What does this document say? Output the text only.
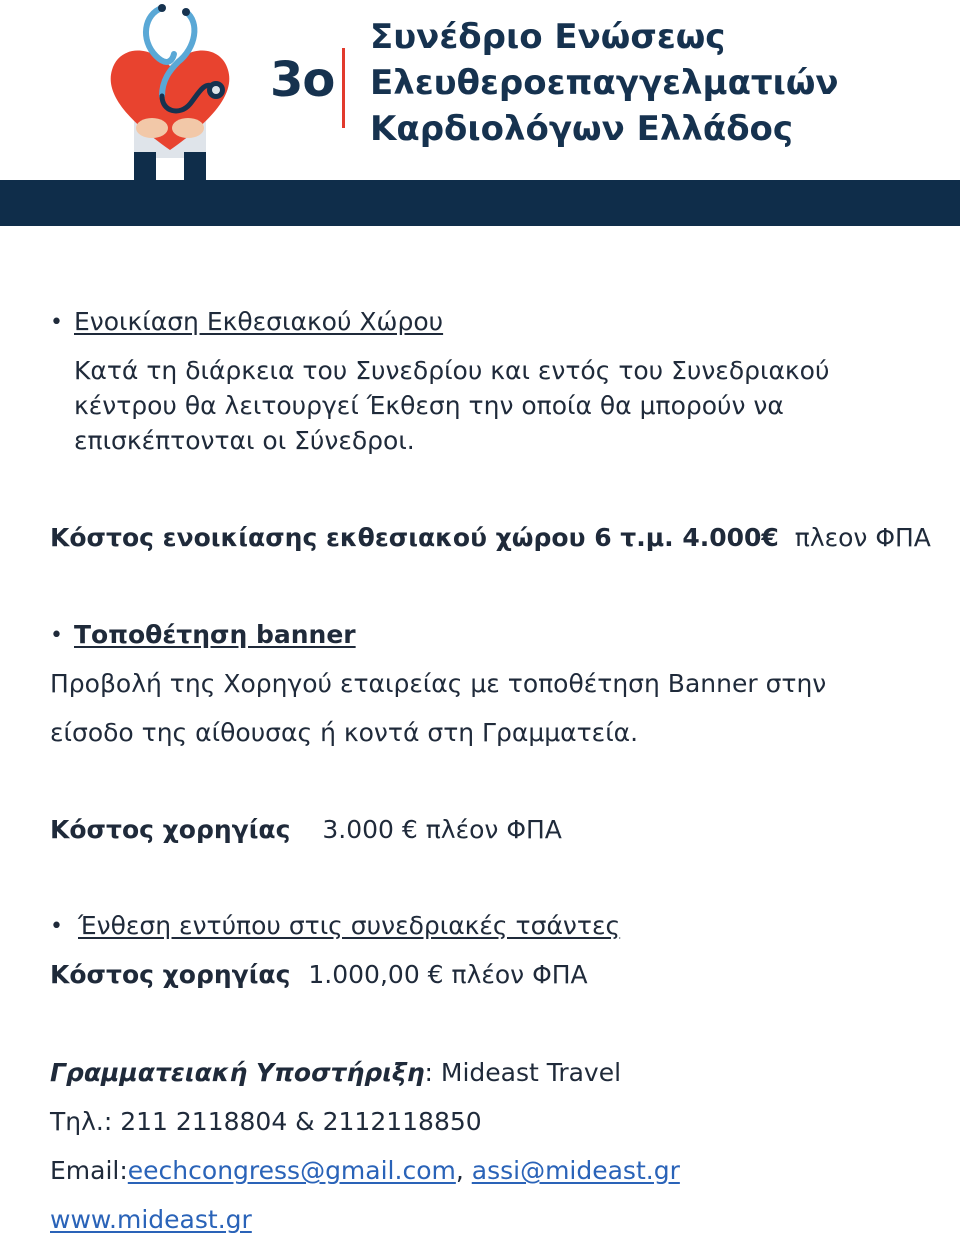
3ο
Συνέδριο Ενώσεως
Ελευθεροεπαγγελματιών
Καρδιολόγων Ελλάδος
• Ενοικίαση Εκθεσιακού Χώρου
Κατά τη διάρκεια του Συνεδρίου και εντός του Συνεδριακού
κέντρου θα λειτουργεί Έκθεση την οποία θα μπορούν να
επισκέπτονται οι Σύνεδροι.
Κόστος ενοικίασης εκθεσιακού χώρου 6 τ.μ. 4.000€ πλεον ΦΠΑ
• Τοποθέτηση banner
Προβολή της Χορηγού εταιρείας με τοποθέτηση Banner στην
είσοδο της αίθουσας ή κοντά στη Γραμματεία.
Κόστος χορηγίας 3.000 € πλέον ΦΠΑ
• Ένθεση εντύπου στις συνεδριακές τσάντες
Κόστος χορηγίας 1.000,00 € πλέον ΦΠΑ
Γραμματειακή Υποστήριξη: Mideast Travel
Τηλ.: 211 2118804 & 2112118850
Email:eechcongress@gmail.com, assi@mideast.gr
www.mideast.gr
